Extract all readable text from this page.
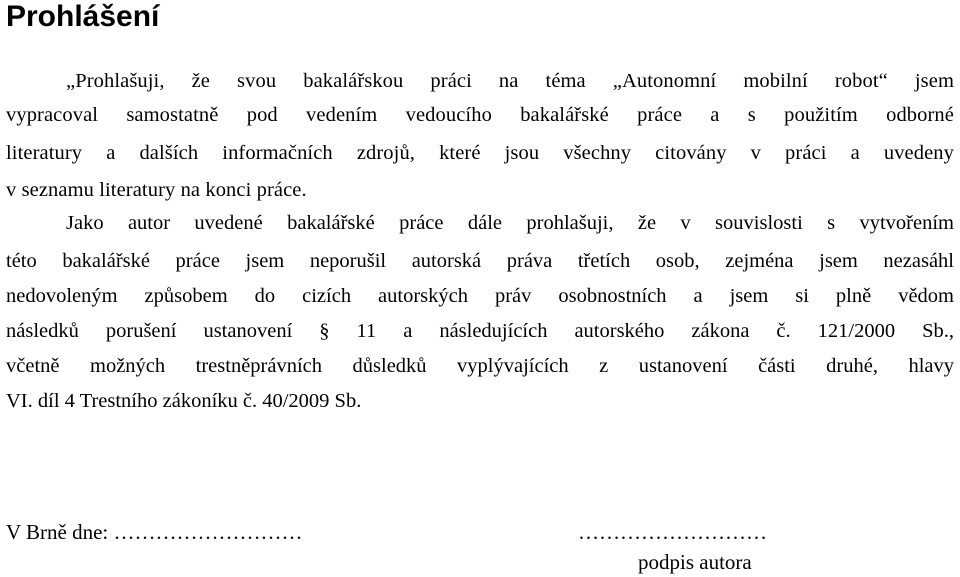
Prohlášení
„Prohlašuji, že svou bakalářskou práci na téma „Autonomní mobilní robot“ jsem
vypracoval samostatně pod vedením vedoucího bakalářské práce a s použitím odborné
literatury a dalších informačních zdrojů, které jsou všechny citovány v práci a uvedeny
v seznamu literatury na konci práce.
Jako autor uvedené bakalářské práce dále prohlašuji, že v souvislosti s vytvořením
této bakalářské práce jsem neporušil autorská práva třetích osob, zejména jsem nezasáhl
nedovoleným způsobem do cizích autorských práv osobnostních a jsem si plně vědom
následků porušení ustanovení § 11 a následujících autorského zákona č. 121/2000 Sb.,
včetně možných trestněprávních důsledků vyplývajících z ustanovení části druhé, hlavy
VI. díl 4 Trestního zákoníku č. 40/2009 Sb.
V Brně dne: ………………………	………………………
podpis autora
